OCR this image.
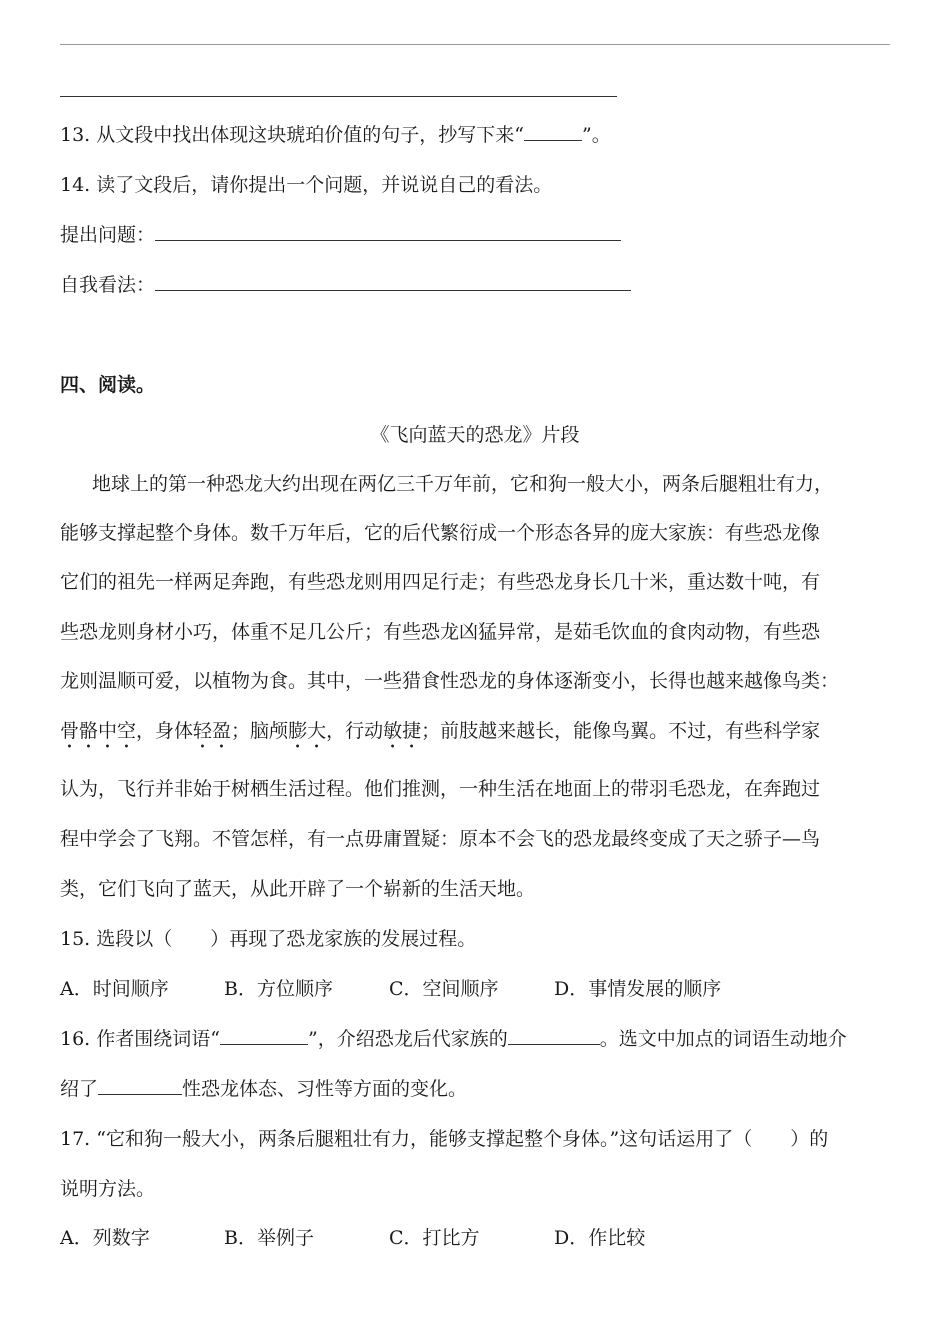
13. 从文段中找出体现这块琥珀价值的句子，抄写下来“	”。
14. 读了文段后，请你提出一个问题，并说说自己的看法。
提出问题：
自我看法：
四、阅读。
《飞向蓝天的恐龙》片段
地球上的第一种恐龙大约出现在两亿三千万年前，它和狗一般大小，两条后腿粗壮有力，
能够支撑起整个身体。数千万年后，它的后代繁衍成一个形态各异的庞大家族：有些恐龙像
它们的祖先一样两足奔跑，有些恐龙则用四足行走；有些恐龙身长几十米，重达数十吨，有
些恐龙则身材小巧，体重不足几公斤；有些恐龙凶猛异常，是茹毛饮血的食肉动物，有些恐
龙则温顺可爱，以植物为食。其中，一些猎食性恐龙的身体逐渐变小，长得也越来越像鸟类：
骨骼中空，身体轻盈；脑颅膨大，行动敏捷；前肢越来越长，能像鸟翼。不过，有些科学家
认为，飞行并非始于树栖生活过程。他们推测，一种生活在地面上的带羽毛恐龙，在奔跑过
程中学会了飞翔。不管怎样，有一点毋庸置疑：原本不会飞的恐龙最终变成了天之骄子—鸟
类，它们飞向了蓝天，从此开辟了一个崭新的生活天地。
15. 选段以（　　）再现了恐龙家族的发展过程。
A．时间顺序	B．方位顺序	C．空间顺序	D．事情发展的顺序
16. 作者围绕词语“	”，介绍恐龙后代家族的	。选文中加点的词语生动地介
绍了	性恐龙体态、习性等方面的变化。
17. “它和狗一般大小，两条后腿粗壮有力，能够支撑起整个身体。”这句话运用了（　　）的
说明方法。
A．列数字	B．举例子	C．打比方	D．作比较
